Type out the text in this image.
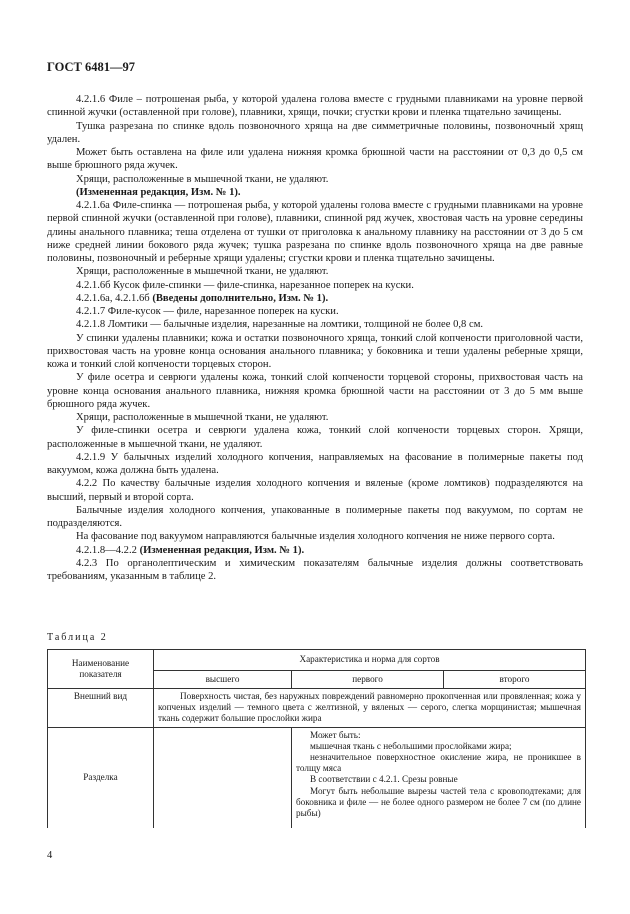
ГОСТ 6481—97

4.2.1.6 Филе – потрошеная рыба, у которой удалена голова вместе с грудными плавниками на уровне первой спинной жучки (оставленной при голове), плавники, хрящи, почки; сгустки крови и пленка тщательно зачищены.

Тушка разрезана по спинке вдоль позвоночного хряща на две симметричные половины, позвоночный хрящ удален.

Может быть оставлена на филе или удалена нижняя кромка брюшной части на расстоянии от 0,3 до 0,5 см выше брюшного ряда жучек.

Хрящи, расположенные в мышечной ткани, не удаляют.

(Измененная редакция, Изм. № 1).

4.2.1.6а Филе-спинка — потрошеная рыба, у которой удалены голова вместе с грудными плавниками на уровне первой спинной жучки (оставленной при голове), плавники, спинной ряд жучек, хвостовая часть на уровне середины длины анального плавника; теша отделена от тушки от приголовка к анальному плавнику на расстоянии от 3 до 5 см ниже средней линии бокового ряда жучек; тушка разрезана по спинке вдоль позвоночного хряща на две равные половины, позвоночный и реберные хрящи удалены; сгустки крови и пленка тщательно зачищены.

Хрящи, расположенные в мышечной ткани, не удаляют.

4.2.1.6б Кусок филе-спинки — филе-спинка, нарезанное поперек на куски.

4.2.1.6а, 4.2.1.6б (Введены дополнительно, Изм. № 1).

4.2.1.7 Филе-кусок — филе, нарезанное поперек на куски.

4.2.1.8 Ломтики — балычные изделия, нарезанные на ломтики, толщиной не более 0,8 см.

У спинки удалены плавники; кожа и остатки позвоночного хряща, тонкий слой копчености приголовной части, прихвостовая часть на уровне конца основания анального плавника; у боковника и теши удалены реберные хрящи, кожа и тонкий слой копчености торцевых сторон.

У филе осетра и севрюги удалены кожа, тонкий слой копчености торцевой стороны, прихвостовая часть на уровне конца основания анального плавника, нижняя кромка брюшной части на расстоянии от 3 до 5 мм выше брюшного ряда жучек.

Хрящи, расположенные в мышечной ткани, не удаляют.

У филе-спинки осетра и севрюги удалена кожа, тонкий слой копчености торцевых сторон. Хрящи, расположенные в мышечной ткани, не удаляют.

4.2.1.9 У балычных изделий холодного копчения, направляемых на фасование в полимерные пакеты под вакуумом, кожа должна быть удалена.

4.2.2 По качеству балычные изделия холодного копчения и вяленые (кроме ломтиков) подразделяются на высший, первый и второй сорта.

Балычные изделия холодного копчения, упакованные в полимерные пакеты под вакуумом, по сортам не подразделяются.

На фасование под вакуумом направляются балычные изделия холодного копчения не ниже первого сорта.

4.2.1.8—4.2.2 (Измененная редакция, Изм. № 1).

4.2.3 По органолептическим и химическим показателям балычные изделия должны соответствовать требованиям, указанным в таблице 2.

Таблица 2
Наименование показателя	Характеристика и норма для сортов		
	высшего	первого	второго
Внешний вид	Поверхность чистая, без наружных повреждений равномерно прокопченная или провяленная; кожа у копченых изделий — темного цвета с желтизной, у вяленых — серого, слегка морщинистая; мышечная ткань содержит большие прослойки жира		
Разделка		Может быть:

мышечная ткань с небольшими прослойками жира;

незначительное поверхностное окисление жира, не проникшее в толщу мяса

В соответствии с 4.2.1. Срезы ровные

Могут быть небольшие вырезы частей тела с кровоподтеками; для боковника и филе — не более одного размером не более 7 см (по длине рыбы)	

4
